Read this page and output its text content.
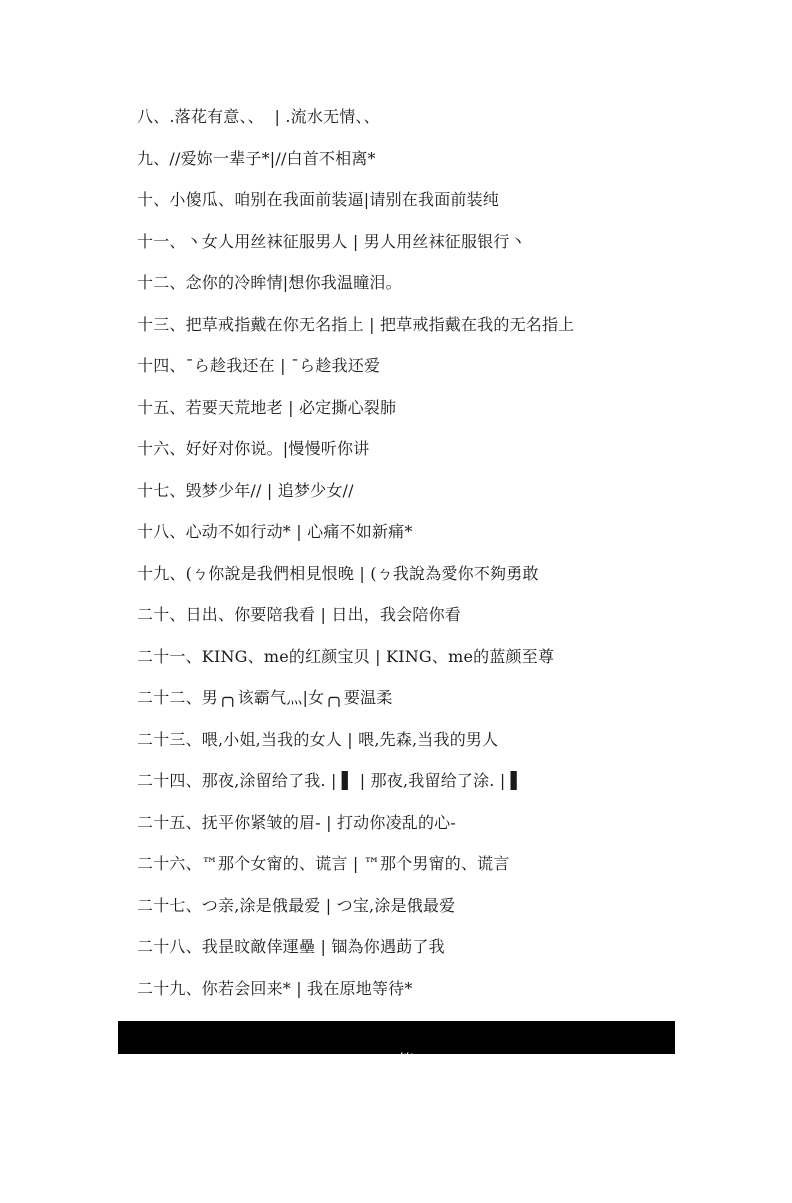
八、.落花有意、、  | .流水无情、、
九、//爱妳一辈子*|//白首不相离*
十、小傻瓜、咱别在我面前装逼|请别在我面前装纯
十一、丶女人用丝袜征服男人 | 男人用丝袜征服银行丶
十二、念你的冷眸情|想你我温瞳泪。
十三、把草戒指戴在你无名指上 | 把草戒指戴在我的无名指上
十四、¯ら趁我还在 | ¯ら趁我还爱
十五、若要天荒地老 | 必定撕心裂肺
十六、好好对你说。|慢慢听你讲
十七、毁梦少年// | 追梦少女//
十八、心动不如行动* | 心痛不如新痛*
十九、(ㄅ你說是我們相見恨晚 | (ㄅ我說為愛你不夠勇敢
二十、日出、你要陪我看 | 日出，我会陪你看
二十一、KING、me的红颜宝贝 | KING、me的蓝颜至尊
二十二、男╭╮该霸气灬|女╭╮要温柔
二十三、喂,小姐,当我的女人 | 喂,先森,当我的男人
二十四、那夜,涂留给了我. | ▌ | 那夜,我留给了涂. | ▌
二十五、抚平你紧皱的眉- | 打动你凌乱的心-
二十六、™那个女甯的、谎言 | ™那个男甯的、谎言
二十七、つ亲,涂是俄最爱 | つ宝,涂是俄最爱
二十八、我昰旼敵倖運壘 | 锢為你遇莇了我
二十九、你若会回来* | 我在原地等待*

第
3
页 / 总页数
5
页
